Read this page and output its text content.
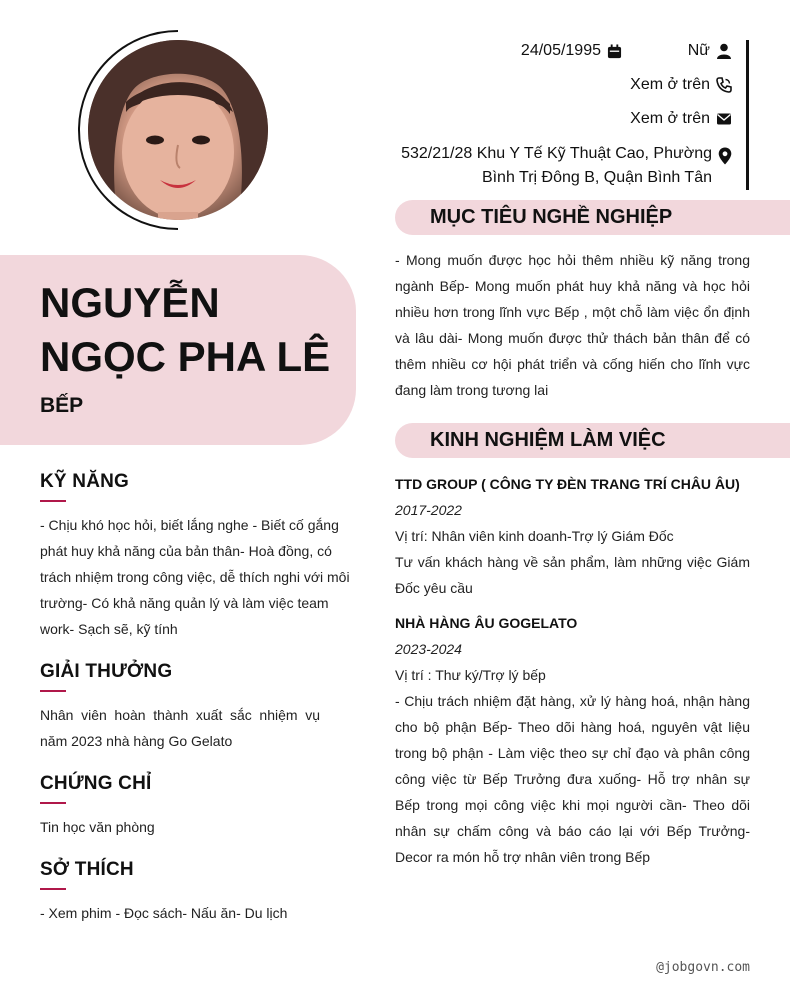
NGUYỄN NGỌC PHA LÊ
BẾP
KỸ NĂNG

- Chịu khó học hỏi, biết lắng nghe - Biết cố gắng phát huy khả năng của bản thân- Hoà đồng, có trách nhiệm trong công việc, dễ thích nghi với môi trường- Có khả năng quản lý và làm việc team work- Sạch sẽ, kỹ tính

GIẢI THƯỞNG

Nhân viên hoàn thành xuất sắc nhiệm vụ năm 2023 nhà hàng Go Gelato

CHỨNG CHỈ

Tin học văn phòng

SỞ THÍCH

- Xem phim - Đọc sách- Nấu ăn- Du lịch

24/05/1995	Nữ
Xem ở trên
Xem ở trên
532/21/28 Khu Y Tế Kỹ Thuật Cao, Phường Bình Trị Đông B, Quận Bình Tân
MỤC TIÊU NGHỀ NGHIỆP

- Mong muốn được học hỏi thêm nhiều kỹ năng trong ngành Bếp- Mong muốn phát huy khả năng và học hỏi nhiều hơn trong lĩnh vực Bếp , một chỗ làm việc ổn định và lâu dài- Mong muốn được thử thách bản thân để có thêm nhiều cơ hội phát triển và cống hiến cho lĩnh vực đang làm trong tương lai

KINH NGHIỆM LÀM VIỆC

TTD GROUP ( CÔNG TY ĐÈN TRANG TRÍ CHÂU ÂU)

2017-2022

Vị trí: Nhân viên kinh doanh-Trợ lý Giám Đốc

Tư vấn khách hàng về sản phẩm, làm những việc Giám Đốc yêu cầu

NHÀ HÀNG ÂU GOGELATO

2023-2024

Vị trí : Thư ký/Trợ lý bếp

- Chịu trách nhiệm đặt hàng, xử lý hàng hoá, nhận hàng cho bộ phận Bếp- Theo dõi hàng hoá, nguyên vật liệu trong bộ phận - Làm việc theo sự chỉ đạo và phân công công việc từ Bếp Trưởng đưa xuống- Hỗ trợ nhân sự Bếp trong mọi công việc khi mọi người cần- Theo dõi nhân sự chấm công và báo cáo lại với Bếp Trưởng- Decor ra món hỗ trợ nhân viên trong Bếp

@jobgovn.com
